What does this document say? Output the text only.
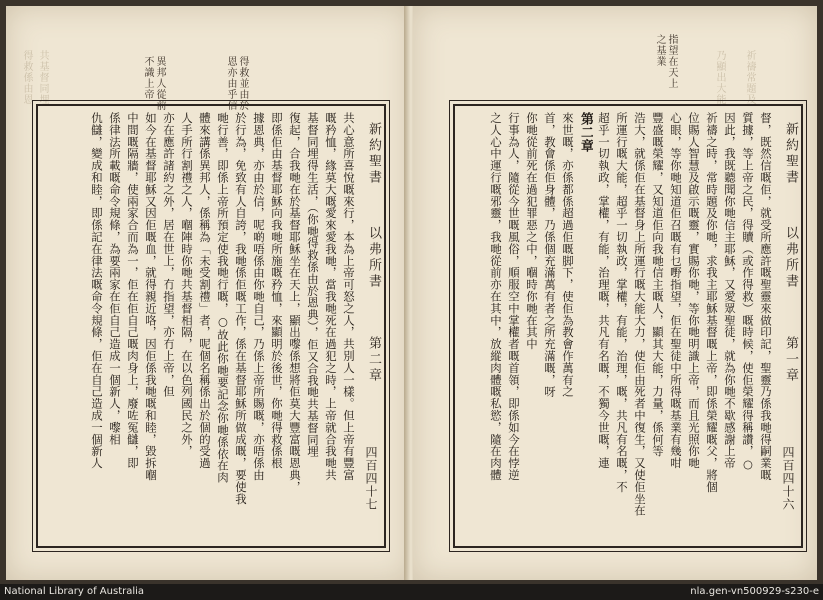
得救係由恩 共基督同埋	異邦人從前不識上帝	得救並由於恩亦由乎信
新約聖書
以弗所書
第二章
四百四十七
共心意所喜悅嘅來行，本為上帝可怒之人，共別人一樣。但上帝有豐富
嘅矜恤，緣莫大嘅愛來愛我哋，當我哋死在過犯之時，上帝就合我哋共
基督同埋得生活，（你哋得救係由於恩典），佢又合我哋共基督同埋
復起，合我哋在於基督耶穌坐在天上，顯出嚟係想將佢莫大豐富嘅恩典，
即係佢由基督耶穌向我哋所施嘅矜恤，來顯明於後世，你哋得救係根
據恩典，亦由於信，呢啲唔係由你哋自己，乃係上帝所賜嘅，亦唔係由
於行為，免致有人自誇，我哋係佢嘅工作，係在基督耶穌所做成嘅，要使我
哋行善，即係上帝所預定使我哋行嘅，○故此你哋要記念你哋係依在肉
體來講係異邦人，係稱為「未受割禮」者，呢個名稱係出於個的受過
人手所行割禮之人，嗰陣時你哋共基督相隔，在以色列國民之外，
亦在應許諸約之外，居在世上，冇指望，亦冇上帝，但
如今在基督耶穌又因佢嘅血，就得親近咯，因佢係我哋嘅和睦，毀拆嗰
中間嘅隔牆，使兩家合而為一，佢在佢自己嘅肉身上，廢咗冤讎，即
係律法所載嘅命令規條，為要兩家在佢自己造成一個新人，嚟相
仇讎，變成和睦，即係記在律法嘅命令規條，佢在自己造成一個新人
指望在天上之基業	乃顯出大能 祈禱常題及
新約聖書
以弗所書
第一章
四百四十六
督，既然信嘅佢，就受所應許嘅聖靈來做印記，聖靈乃係我哋得嗣業嘅
質據，等上帝之民，得贖（或作得救）嘅時候，使佢榮耀得稱讚，○
因此，我既聽聞你哋信主耶穌，又愛眾聖徒，就為你哋不歇感謝上帝
祈禱之時，常時題及你哋，求我主耶穌基督嘅上帝，即係榮耀嘅父，將個
位賜人智慧及啟示嘅靈，實賜你哋，等你哋明識上帝，而且光照你哋
心眼，等你哋知道佢召嘅有乜嘢指望，佢在聖徒中所得嘅基業有幾咁
豐盛嘅榮耀，又知道佢向我哋信主嘅人，顯其大能，力量，係何等
浩大，就係佢在基督身上所運行嘅大能大力，使佢由死者中復生，又使佢坐在
所運行嘅大能，超乎一切執政，掌權，有能，治理，嘅，共凡有名嘅，不
超乎一切執政，掌權，有能，治理嘅，共凡有名嘅，不獨今世嘅，連
第二章
來世嘅，亦係都係超過佢嘅脚下，使佢為教會作萬有之
首，教會係佢身體，乃係個充滿萬有者之所充滿嘅，呀
你哋從前死在過犯罪惡之中，嗰時你哋在其中
行事為人，隨從今世嘅風俗，順服空中掌權者嘅首領，即係如今在悖逆
之人心中運行嘅邪靈，我哋從前亦在其中，放縱肉體嘅私慾，隨在肉體
National Library of Australia	nla.gen-vn500929-s230-e
